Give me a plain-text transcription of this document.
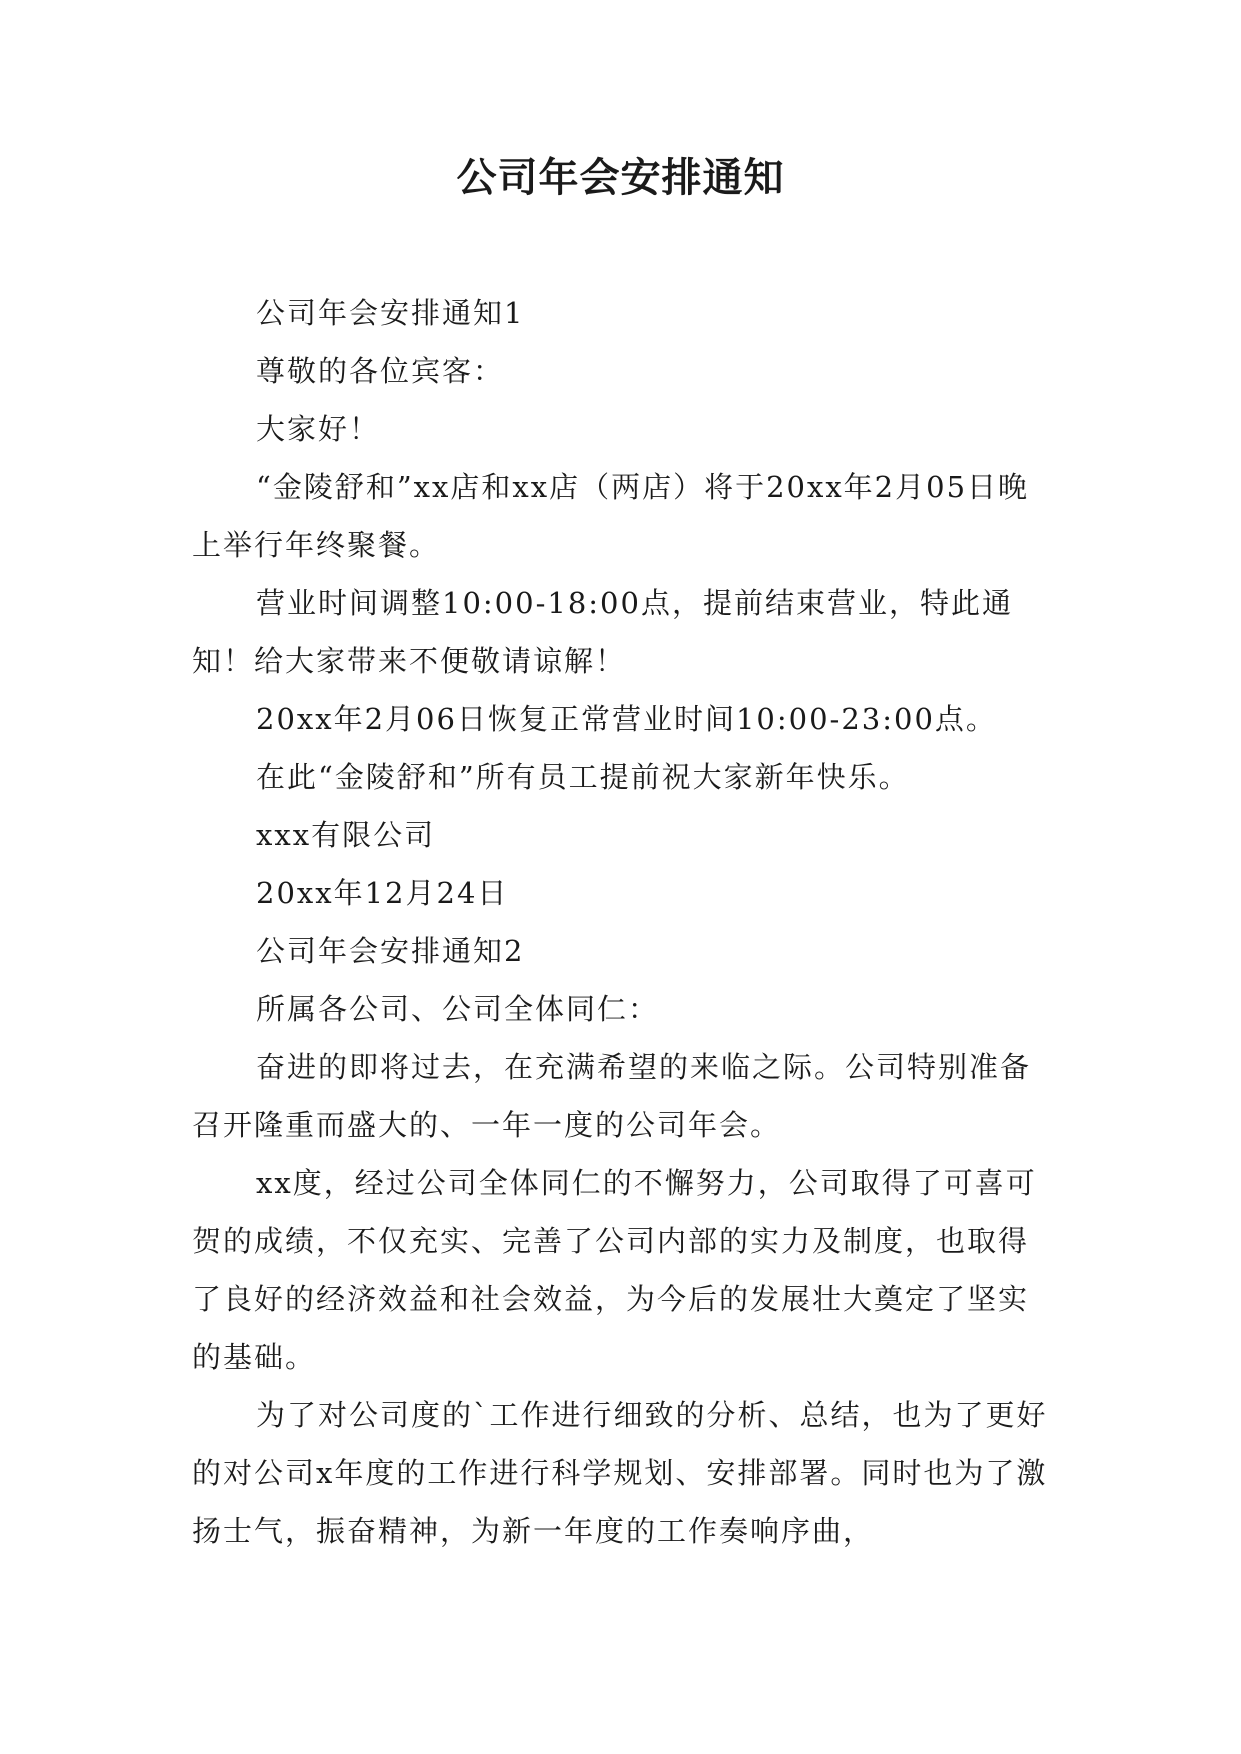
公司年会安排通知

公司年会安排通知1

尊敬的各位宾客：

大家好！

“金陵舒和”xx店和xx店（两店）将于20xx年2月05日晚上举行年终聚餐。

营业时间调整10:00-18:00点，提前结束营业，特此通知！给大家带来不便敬请谅解！

20xx年2月06日恢复正常营业时间10:00-23:00点。

在此“金陵舒和”所有员工提前祝大家新年快乐。

xxx有限公司

20xx年12月24日

公司年会安排通知2

所属各公司、公司全体同仁：

奋进的即将过去，在充满希望的来临之际。公司特别准备召开隆重而盛大的、一年一度的公司年会。

xx度，经过公司全体同仁的不懈努力，公司取得了可喜可贺的成绩，不仅充实、完善了公司内部的实力及制度，也取得了良好的经济效益和社会效益，为今后的发展壮大奠定了坚实的基础。

为了对公司度的`工作进行细致的分析、总结，也为了更好的对公司x年度的工作进行科学规划、安排部署。同时也为了激扬士气，振奋精神，为新一年度的工作奏响序曲，
